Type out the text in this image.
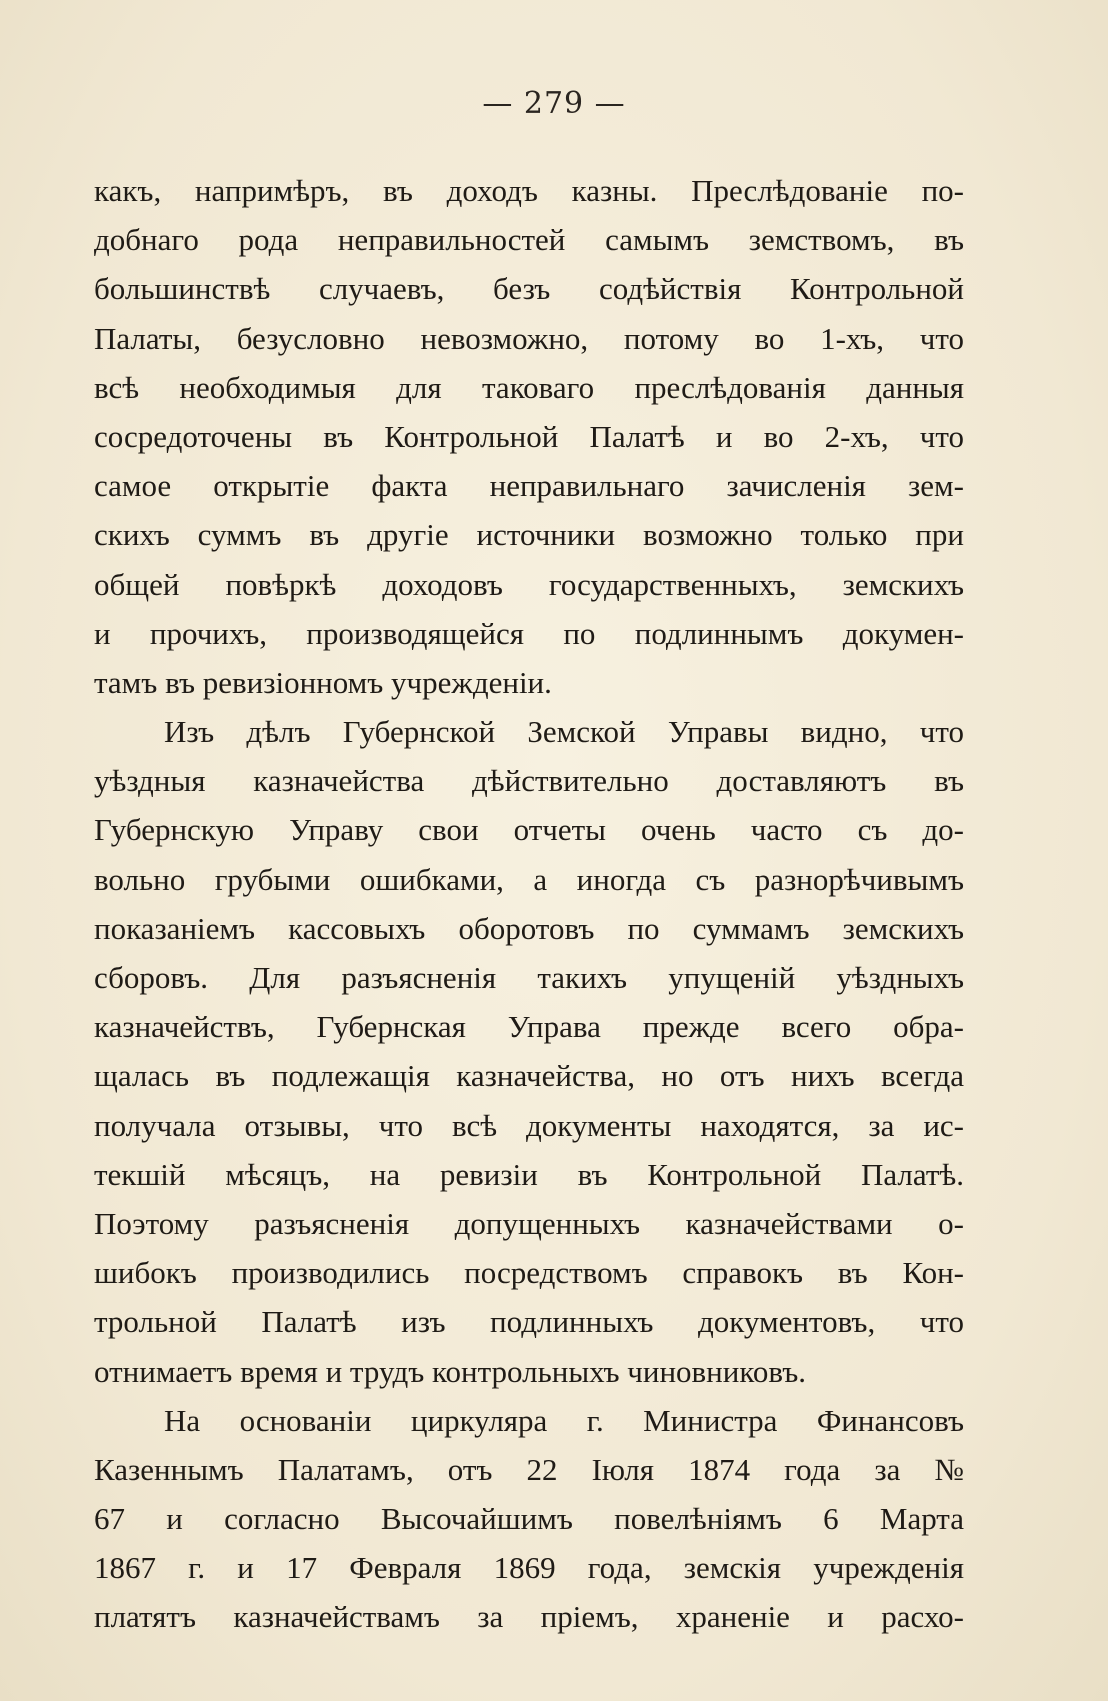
— 279 —
какъ, напримѣръ, въ доходъ казны. Преслѣдованіе по-
добнаго рода неправильностей самымъ земствомъ, въ
большинствѣ случаевъ, безъ содѣйствія Контрольной
Палаты, безусловно невозможно, потому во 1-хъ, что
всѣ необходимыя для таковаго преслѣдованія данныя
сосредоточены въ Контрольной Палатѣ и во 2-хъ, что
самое открытіе факта неправильнаго зачисленія зем-
скихъ суммъ въ другіе источники возможно только при
общей повѣркѣ доходовъ государственныхъ, земскихъ
и прочихъ, производящейся по подлиннымъ докумен-
тамъ въ ревизіонномъ учрежденіи.
Изъ дѣлъ Губернской Земской Управы видно, что
уѣздныя казначейства дѣйствительно доставляютъ въ
Губернскую Управу свои отчеты очень часто съ до-
вольно грубыми ошибками, а иногда съ разнорѣчивымъ
показаніемъ кассовыхъ оборотовъ по суммамъ земскихъ
сборовъ. Для разъясненія такихъ упущеній уѣздныхъ
казначействъ, Губернская Управа прежде всего обра-
щалась въ подлежащія казначейства, но отъ нихъ всегда
получала отзывы, что всѣ документы находятся, за ис-
текшій мѣсяцъ, на ревизіи въ Контрольной Палатѣ.
Поэтому разъясненія допущенныхъ казначействами о-
шибокъ производились посредствомъ справокъ въ Кон-
трольной Палатѣ изъ подлинныхъ документовъ, что
отнимаетъ время и трудъ контрольныхъ чиновниковъ.
На основаніи циркуляра г. Министра Финансовъ
Казеннымъ Палатамъ, отъ 22 Іюля 1874 года за №
67 и согласно Высочайшимъ повелѣніямъ 6 Марта
1867 г. и 17 Февраля 1869 года, земскія учрежденія
платятъ казначействамъ за пріемъ, храненіе и расхо-
